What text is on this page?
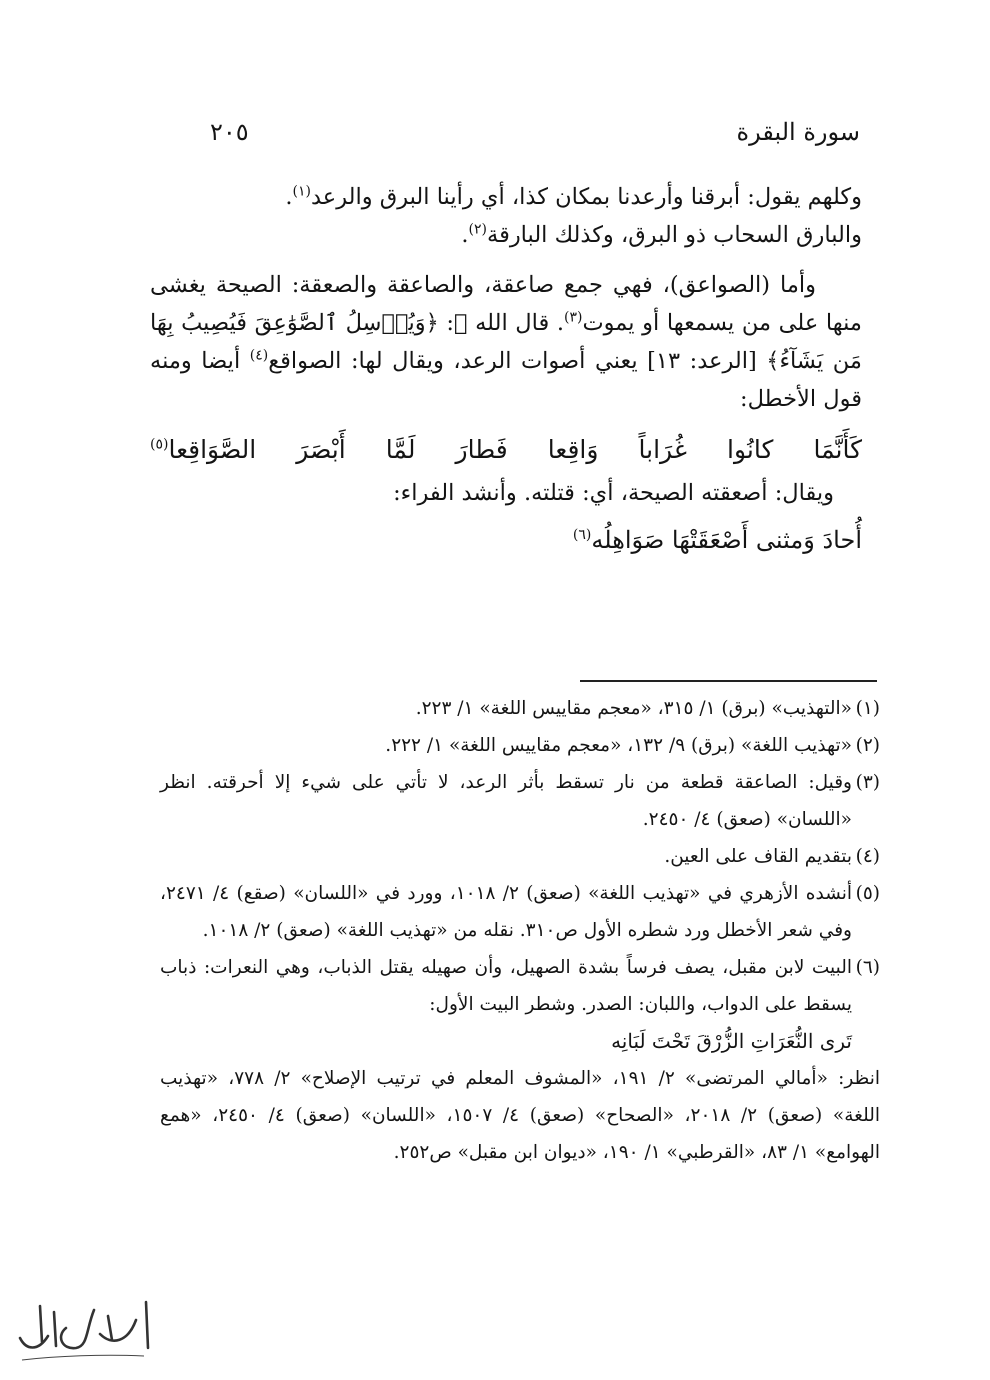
سورة البقرة
٢٠٥

وكلهم يقول: أبرقنا وأرعدنا بمكان كذا، أي رأينا البرق والرعد$^{(١)}$.

والبارق السحاب ذو البرق، وكذلك البارقة$^{(٢)}$.

وأما (الصواعق)، فهي جمع صاعقة، والصاعقة والصعقة: الصيحة يغشى منها على من يسمعها أو يموت$^{(٣)}$. قال الله ﷻ: ﴿وَيُرۡسِلُ ٱلصَّوَٰعِقَ فَيُصِيبُ بِهَا مَن يَشَآءُ﴾ [الرعد: ١٣] يعني أصوات الرعد، ويقال لها: الصواقع$^{(٤)}$ أيضا ومنه قول الأخطل:

كَأَنَّمَا كانُوا غُرَاباً وَاقِعا فَطارَ لَمَّا أَبْصَرَ الصَّوَاقِعا$^{(٥)}$

ويقال: أصعقته الصيحة، أي: قتلته. وأنشد الفراء:

أُحادَ وَمثنى أَصْعَقَتْهَا صَوَاهِلُه$^{(٦)}$

(١)
«التهذيب» (برق) ١/ ٣١٥، «معجم مقاييس اللغة» ١/ ٢٢٣.

(٢)
«تهذيب اللغة» (برق) ٩/ ١٣٢، «معجم مقاييس اللغة» ١/ ٢٢٢.

(٣)
وقيل: الصاعقة قطعة من نار تسقط بأثر الرعد، لا تأتي على شيء إلا أحرقته. انظر «اللسان» (صعق) ٤/ ٢٤٥٠.

(٤)
بتقديم القاف على العين.

(٥)
أنشده الأزهري في «تهذيب اللغة» (صعق) ٢/ ١٠١٨، وورد في «اللسان» (صقع) ٤/ ٢٤٧١، وفي شعر الأخطل ورد شطره الأول ص٣١٠. نقله من «تهذيب اللغة» (صعق) ٢/ ١٠١٨.

(٦)
البيت لابن مقبل، يصف فرساً بشدة الصهيل، وأن صهيله يقتل الذباب، وهي النعرات: ذباب يسقط على الدواب، واللبان: الصدر. وشطر البيت الأول:

تَرى النُّعَرَاتِ الزُّرْقَ تَحْتَ لَبَانِه

انظر: «أمالي المرتضى» ٢/ ١٩١، «المشوف المعلم في ترتيب الإصلاح» ٢/ ٧٧٨، «تهذيب اللغة» (صعق) ٢/ ٢٠١٨، «الصحاح» (صعق) ٤/ ١٥٠٧، «اللسان» (صعق) ٤/ ٢٤٥٠، «همع الهوامع» ١/ ٨٣، «القرطبي» ١/ ١٩٠، «ديوان ابن مقبل» ص٢٥٢.
